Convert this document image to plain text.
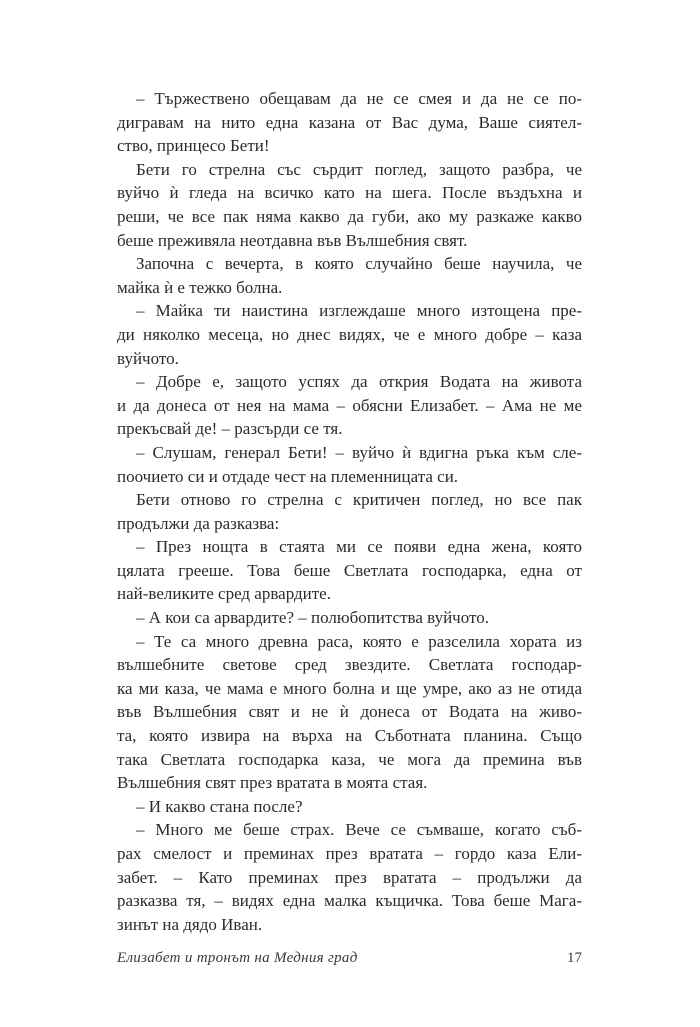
– Тържествено обещавам да не се смея и да не се по-
дигравам на нито една казана от Вас дума, Ваше сиятел-
ство, принцесо Бети!
Бети го стрелна със сърдит поглед, защото разбра, че
вуйчо ѝ гледа на всичко като на шега. После въздъхна и
реши, че все пак няма какво да губи, ако му разкаже какво
беше преживяла неотдавна във Вълшебния свят.
Започна с вечерта, в която случайно беше научила, че
майка ѝ е тежко болна.
– Майка ти наистина изглеждаше много изтощена пре-
ди няколко месеца, но днес видях, че е много добре – каза
вуйчото.
– Добре е, защото успях да открия Водата на живота
и да донеса от нея на мама – обясни Елизабет. – Ама не ме
прекъсвай де! – разсърди се тя.
– Слушам, генерал Бети! – вуйчо ѝ вдигна ръка към сле-
поочието си и отдаде чест на племенницата си.
Бети отново го стрелна с критичен поглед, но все пак
продължи да разказва:
– През нощта в стаята ми се появи една жена, която
цялата грееше. Това беше Светлата господарка, една от
най-великите сред арвардите.
– А кои са арвардите? – полюбопитства вуйчото.
– Те са много древна раса, която е разселила хората из
вълшебните светове сред звездите. Светлата господар-
ка ми каза, че мама е много болна и ще умре, ако аз не отида
във Вълшебния свят и не ѝ донеса от Водата на живо-
та, която извира на върха на Съботната планина. Също
така Светлата господарка каза, че мога да премина във
Вълшебния свят през вратата в моята стая.
– И какво стана после?
– Много ме беше страх. Вече се съмваше, когато съб-
рах смелост и преминах през вратата – гордо каза Ели-
забет. – Като преминах през вратата – продължи да
разказва тя, – видях една малка къщичка. Това беше Мага-
зинът на дядо Иван.
Елизабет и тронът на Медния град	17
